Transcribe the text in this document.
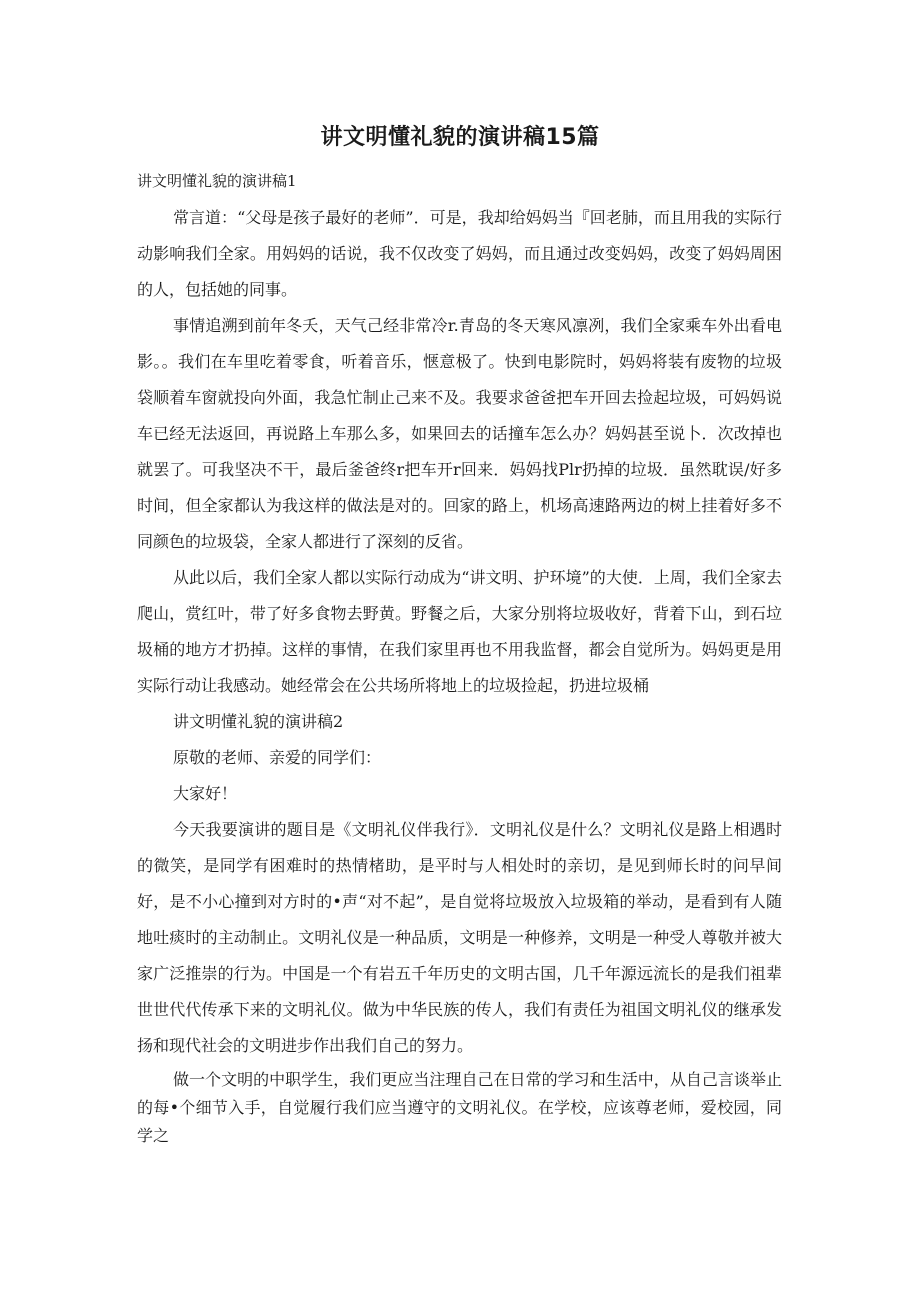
讲文明懂礼貌的演讲稿15篇

讲文明懂礼貌的演讲稿1

常言道：“父母是孩子最好的老师”．可是，我却给妈妈当『回老肺，而且用我的实际行动影响我们全家。用妈妈的话说，我不仅改变了妈妈，而且通过改变妈妈，改变了妈妈周困的人，包括她的同事。

事情追溯到前年冬夭，天气己经非常冷r.青岛的冬天寒风凛冽，我们全家乘车外出看电影。。我们在车里吃着零食，听着音乐，惬意极了。快到电影院时，妈妈将装有废物的垃圾袋顺着车窗就投向外面，我急忙制止己来不及。我要求爸爸把车开回去捡起垃圾，可妈妈说车已经无法返回，再说路上车那么多，如果回去的话撞车怎么办？妈妈甚至说卜．次改掉也就罢了。可我坚决不干，最后釜爸终r把车开r回来．妈妈找Plr扔掉的垃圾．虽然耽误/好多时间，但全家都认为我这样的做法是对的。回家的路上，机场高速路两边的树上挂着好多不同颜色的垃圾袋，全家人都进行了深刻的反省。

从此以后，我们全家人都以实际行动成为“讲文明、护环境”的大使．上周，我们全家去爬山，赏红叶，带了好多食物去野黄。野餐之后，大家分别将垃圾收好，背着下山，到石垃圾桶的地方才扔掉。这样的事情，在我们家里再也不用我监督，都会自觉所为。妈妈更是用实际行动让我感动。她经常会在公共场所将地上的垃圾捡起，扔进垃圾桶

讲文明懂礼貌的演讲稿2

原敬的老师、亲爱的同学们：

大家好！

今天我要演讲的题目是《文明礼仪伴我行》．文明礼仪是什么？文明礼仪是路上相遇时的微笑，是同学有困难时的热情楮助，是平时与人相处时的亲切，是见到师长时的问早间好，是不小心撞到对方时的•声“对不起”，是自觉将垃圾放入垃圾箱的举动，是看到有人随地吐痰时的主动制止。文明礼仪是一种品质，文明是一种修养，文明是一种受人尊敬并被大家广泛推崇的行为。中国是一个有岩五千年历史的文明古国，几千年源远流长的是我们祖辈世世代代传承下来的文明礼仪。做为中华民族的传人，我们有责任为祖国文明礼仪的继承发扬和现代社会的文明进步作出我们自己的努力。

做一个文明的中职学生，我们更应当注理自己在日常的学习和生活中，从自己言谈举止的每•个细节入手，自觉履行我们应当遵守的文明礼仪。在学校，应该尊老师，爱校园，同学之
